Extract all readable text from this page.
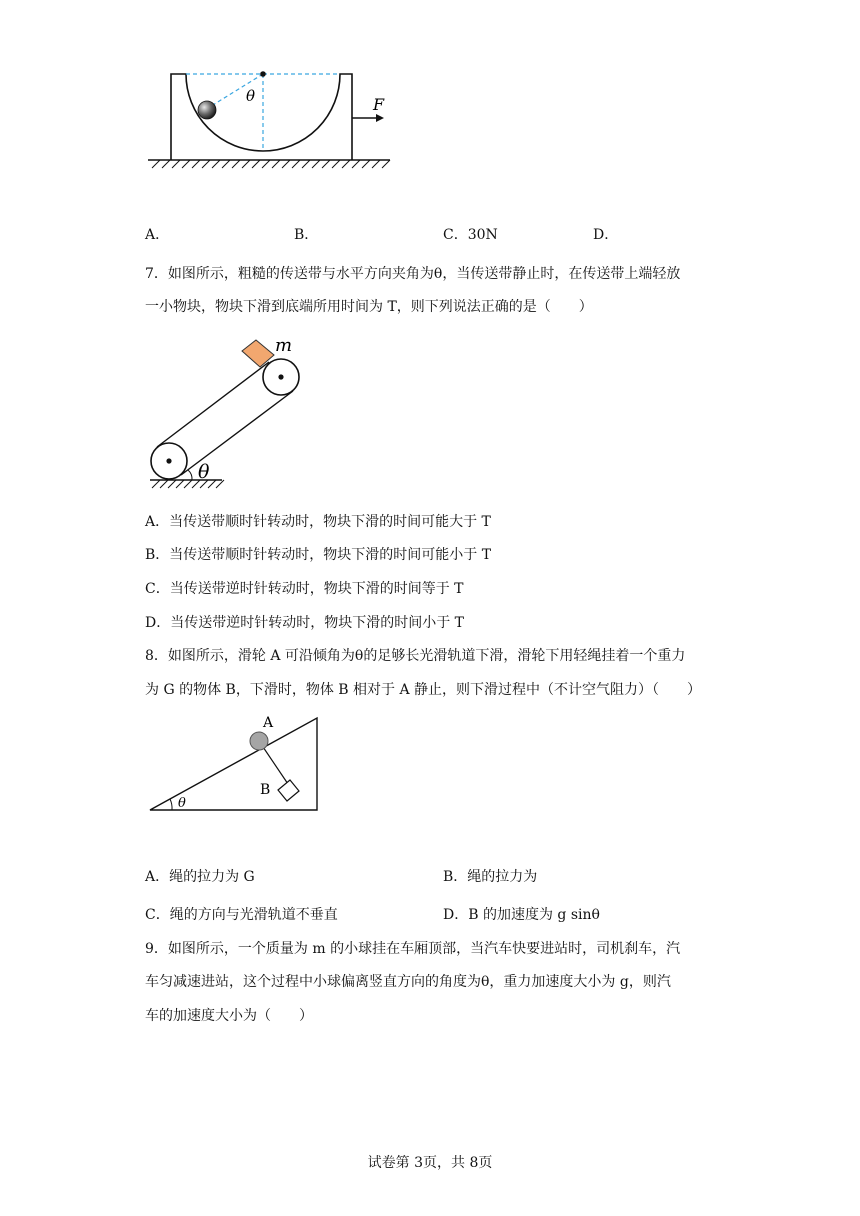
θ	F
A．	B．	C．30N	D．
7．如图所示，粗糙的传送带与水平方向夹角为θ，当传送带静止时，在传送带上端轻放
一小物块，物块下滑到底端所用时间为 T，则下列说法正确的是（　　）
m
θ
A．当传送带顺时针转动时，物块下滑的时间可能大于 T
B．当传送带顺时针转动时，物块下滑的时间可能小于 T
C．当传送带逆时针转动时，物块下滑的时间等于 T
D．当传送带逆时针转动时，物块下滑的时间小于 T
8．如图所示，滑轮 A 可沿倾角为θ的足够长光滑轨道下滑，滑轮下用轻绳挂着一个重力
为 G 的物体 B，下滑时，物体 B 相对于 A 静止，则下滑过程中（不计空气阻力）（　　）
θ
A
B
A．绳的拉力为 G	B．绳的拉力为
C．绳的方向与光滑轨道不垂直	D．B 的加速度为 g sinθ
9．如图所示，一个质量为 m 的小球挂在车厢顶部，当汽车快要进站时，司机刹车，汽
车匀减速进站，这个过程中小球偏离竖直方向的角度为θ，重力加速度大小为 g，则汽
车的加速度大小为（　　）
试卷第 3页，共 8页
